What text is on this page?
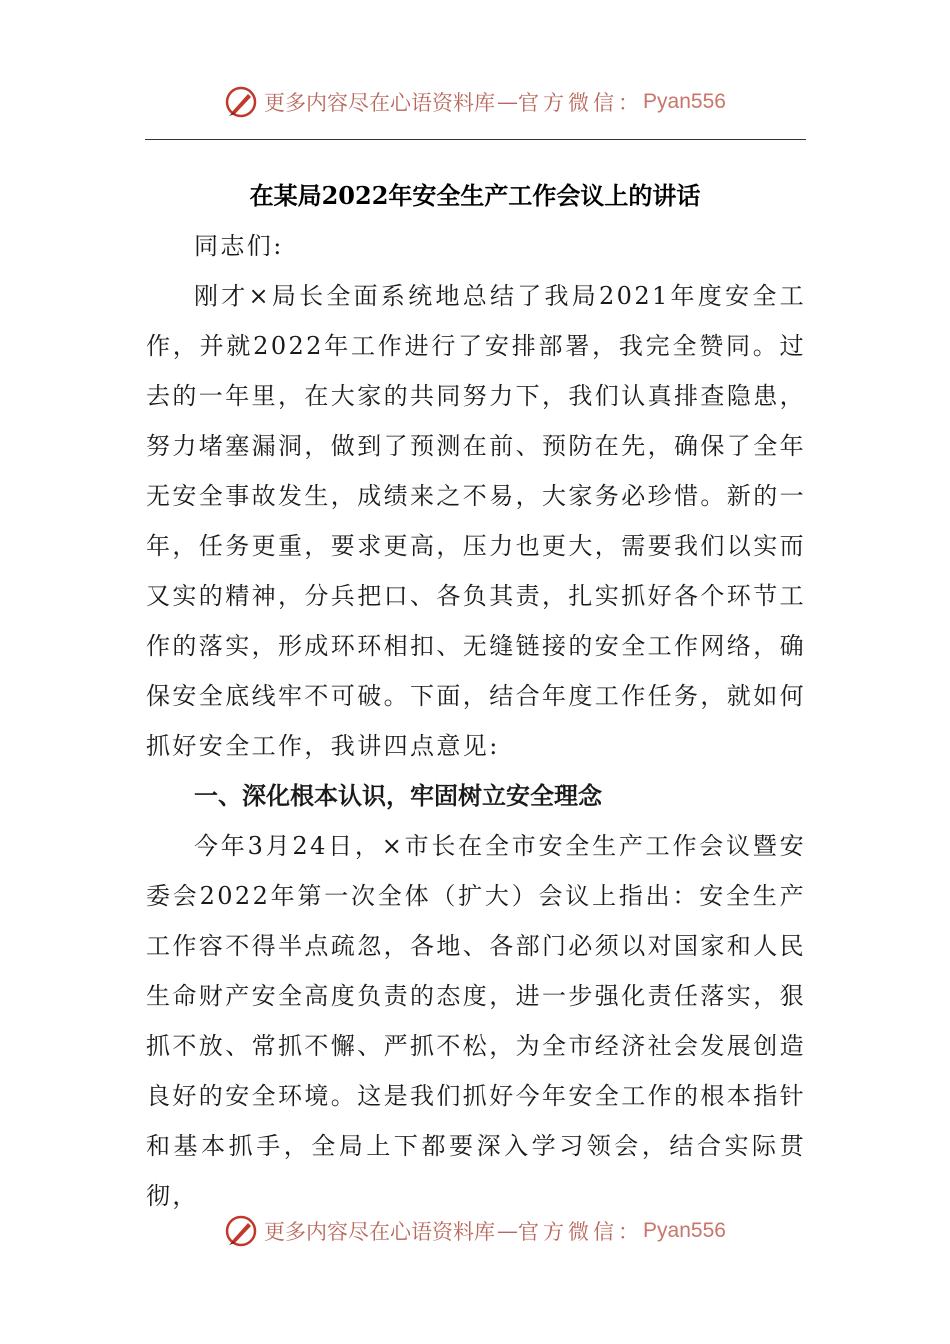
更多内容尽在心语资料库 — 官方微信： Pyan556
在某局2022年安全生产工作会议上的讲话

同志们:

刚才×局长全面系统地总结了我局2021年度安全工作，并就2022年工作进行了安排部署，我完全赞同。过去的一年里，在大家的共同努力下，我们认真排查隐患，努力堵塞漏洞，做到了预测在前、预防在先，确保了全年无安全事故发生，成绩来之不易，大家务必珍惜。新的一年，任务更重，要求更高，压力也更大，需要我们以实而又实的精神，分兵把口、各负其责，扎实抓好各个环节工作的落实，形成环环相扣、无缝链接的安全工作网络，确保安全底线牢不可破。下面，结合年度工作任务，就如何抓好安全工作，我讲四点意见:

一、深化根本认识，牢固树立安全理念

今年3月24日，×市长在全市安全生产工作会议暨安委会2022年第一次全体（扩大）会议上指出：安全生产工作容不得半点疏忽，各地、各部门必须以对国家和人民生命财产安全高度负责的态度，进一步强化责任落实，狠抓不放、常抓不懈、严抓不松，为全市经济社会发展创造良好的安全环境。这是我们抓好今年安全工作的根本指针和基本抓手，全局上下都要深入学习领会，结合实际贯彻，

更多内容尽在心语资料库 — 官方微信： Pyan556
